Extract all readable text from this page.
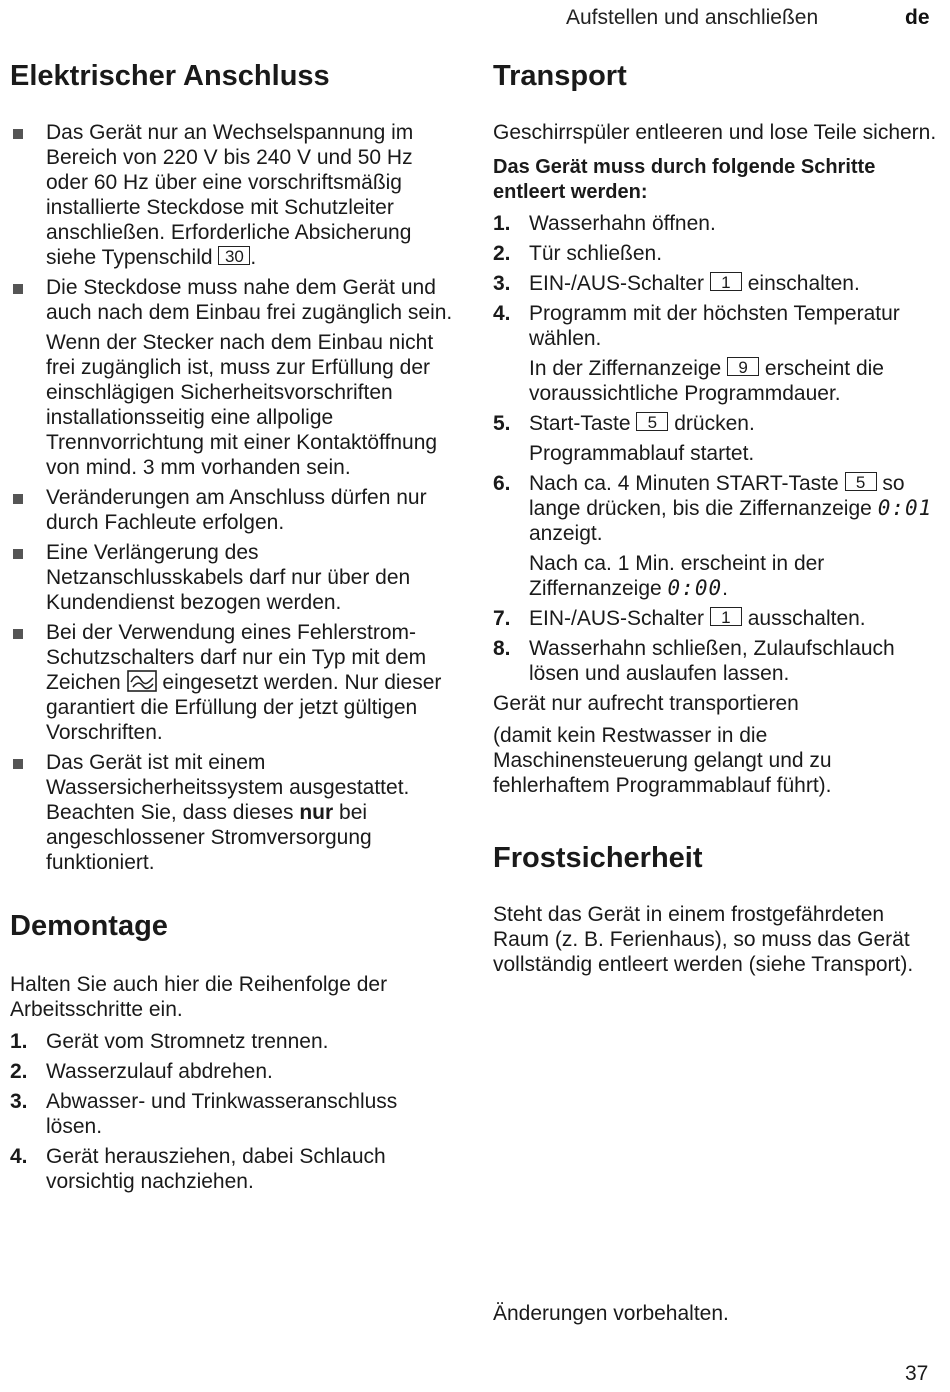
Aufstellen und anschließen	de
Elektrischer Anschluss
Das Gerät nur an Wechselspannung im Bereich von 220 V bis 240 V und 50 Hz oder 60 Hz über eine vorschriftsmäßig installierte Steckdose mit Schutzleiter anschließen. Erforderliche Absicherung siehe Typenschild 30 .
Die Steckdose muss nahe dem Gerät und auch nach dem Einbau frei zugänglich sein.
Wenn der Stecker nach dem Einbau nicht frei zugänglich ist, muss zur Erfüllung der einschlägigen Sicherheitsvorschriften installationsseitig eine allpolige Trennvorrichtung mit einer Kontaktöffnung von mind. 3 mm vorhanden sein.
Veränderungen am Anschluss dürfen nur durch Fachleute erfolgen.
Eine Verlängerung des Netzanschlusskabels darf nur über den Kundendienst bezogen werden.
Bei der Verwendung eines Fehlerstrom-Schutzschalters darf nur ein Typ mit dem Zeichen eingesetzt werden. Nur dieser garantiert die Erfüllung der jetzt gültigen Vorschriften.
Das Gerät ist mit einem Wassersicherheitssystem ausgestattet. Beachten Sie, dass dieses nur bei angeschlossener Stromversorgung funktioniert.
Demontage

Halten Sie auch hier die Reihenfolge der Arbeitsschritte ein.

1. Gerät vom Stromnetz trennen.
2. Wasserzulauf abdrehen.
3. Abwasser- und Trinkwasseranschluss lösen.
4. Gerät herausziehen, dabei Schlauch vorsichtig nachziehen.
Transport

Geschirrspüler entleeren und lose Teile sichern.

Das Gerät muss durch folgende Schritte entleert werden:

1. Wasserhahn öffnen.
2. Tür schließen.
3. EIN-/AUS-Schalter 1 einschalten.
4. Programm mit der höchsten Temperatur wählen.
In der Ziffernanzeige 9 erscheint die voraussichtliche Programmdauer.
5. Start-Taste 5 drücken.
Programmablauf startet.
6. Nach ca. 4 Minuten START-Taste 5 so lange drücken, bis die Ziffernanzeige 0:01 anzeigt.
Nach ca. 1 Min. erscheint in der Ziffernanzeige 0:00.
7. EIN-/AUS-Schalter 1 ausschalten.
8. Wasserhahn schließen, Zulaufschlauch lösen und auslaufen lassen.

Gerät nur aufrecht transportieren

(damit kein Restwasser in die Maschinensteuerung gelangt und zu fehlerhaftem Programmablauf führt).

Frostsicherheit

Steht das Gerät in einem frostgefährdeten Raum (z. B. Ferienhaus), so muss das Gerät vollständig entleert werden (siehe Transport).

Änderungen vorbehalten.
37
